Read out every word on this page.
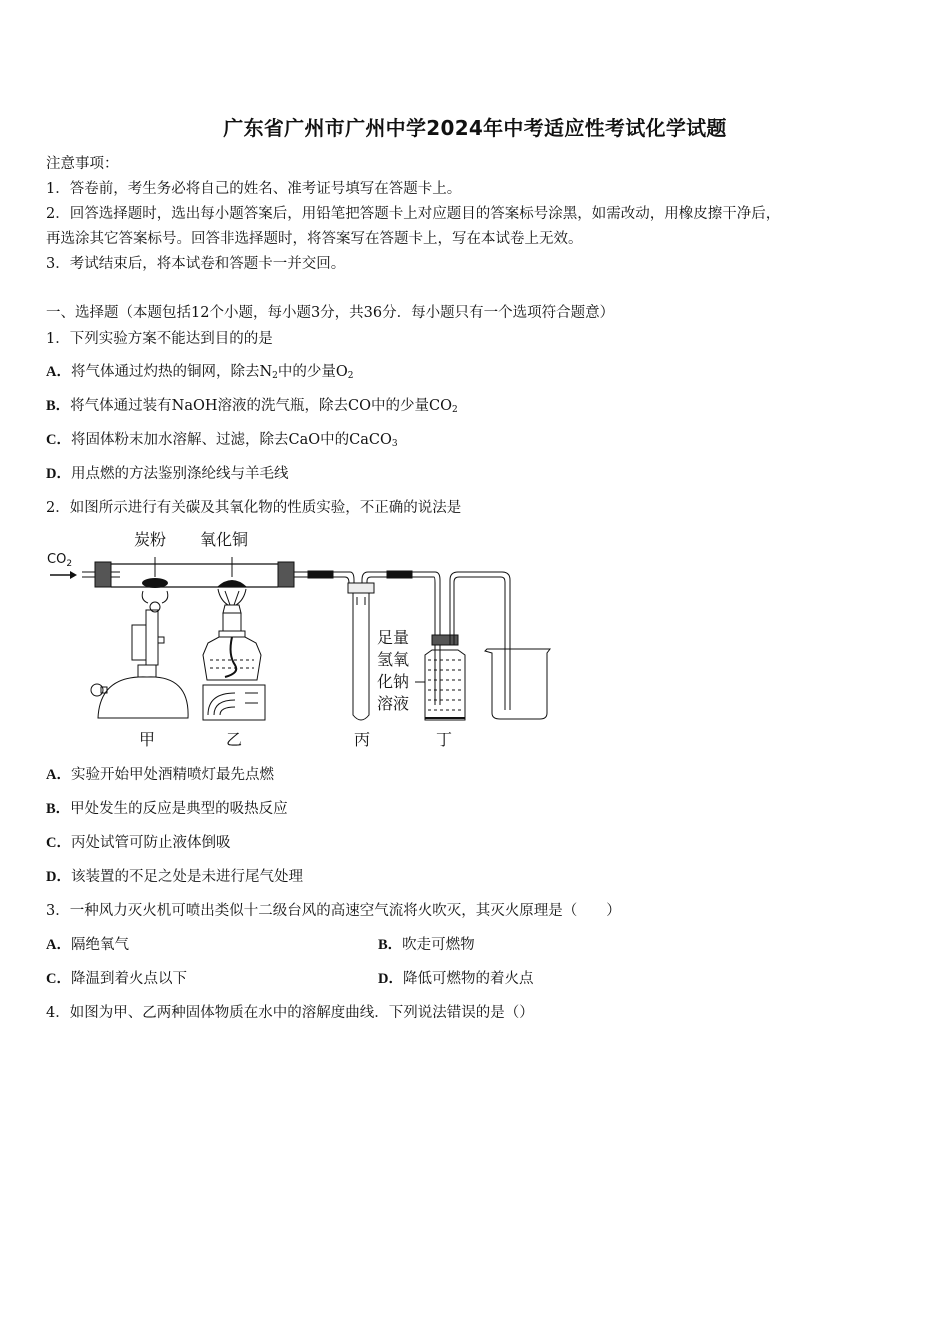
广东省广州市广州中学2024年中考适应性考试化学试题
注意事项：
1．答卷前，考生务必将自己的姓名、准考证号填写在答题卡上。
2．回答选择题时，选出每小题答案后，用铅笔把答题卡上对应题目的答案标号涂黑，如需改动，用橡皮擦干净后，
再选涂其它答案标号。回答非选择题时，将答案写在答题卡上，写在本试卷上无效。
3．考试结束后，将本试卷和答题卡一并交回。
一、选择题（本题包括12个小题，每小题3分，共36分．每小题只有一个选项符合题意）
1．下列实验方案不能达到目的的是
A．将气体通过灼热的铜网，除去$N_2$中的少量$O_2$
B．将气体通过装有NaOH溶液的洗气瓶，除去CO中的少量$CO_2$
C．将固体粉末加水溶解、过滤，除去CaO中的CaCO$_3$
D．用点燃的方法鉴别涤纶线与羊毛线
2．如图所示进行有关碳及其氧化物的性质实验，不正确的说法是
$CO_2$
炭粉 氧化铜
甲	乙	丙
足量
氢氧
化钠
溶液
丁
A．实验开始甲处酒精喷灯最先点燃
B．甲处发生的反应是典型的吸热反应
C．丙处试管可防止液体倒吸
D．该装置的不足之处是未进行尾气处理
3．一种风力灭火机可喷出类似十二级台风的高速空气流将火吹灭，其灭火原理是（　　）
A．隔绝氧气	B．吹走可燃物
C．降温到着火点以下	D．降低可燃物的着火点
4．如图为甲、乙两种固体物质在水中的溶解度曲线．下列说法错误的是（）
